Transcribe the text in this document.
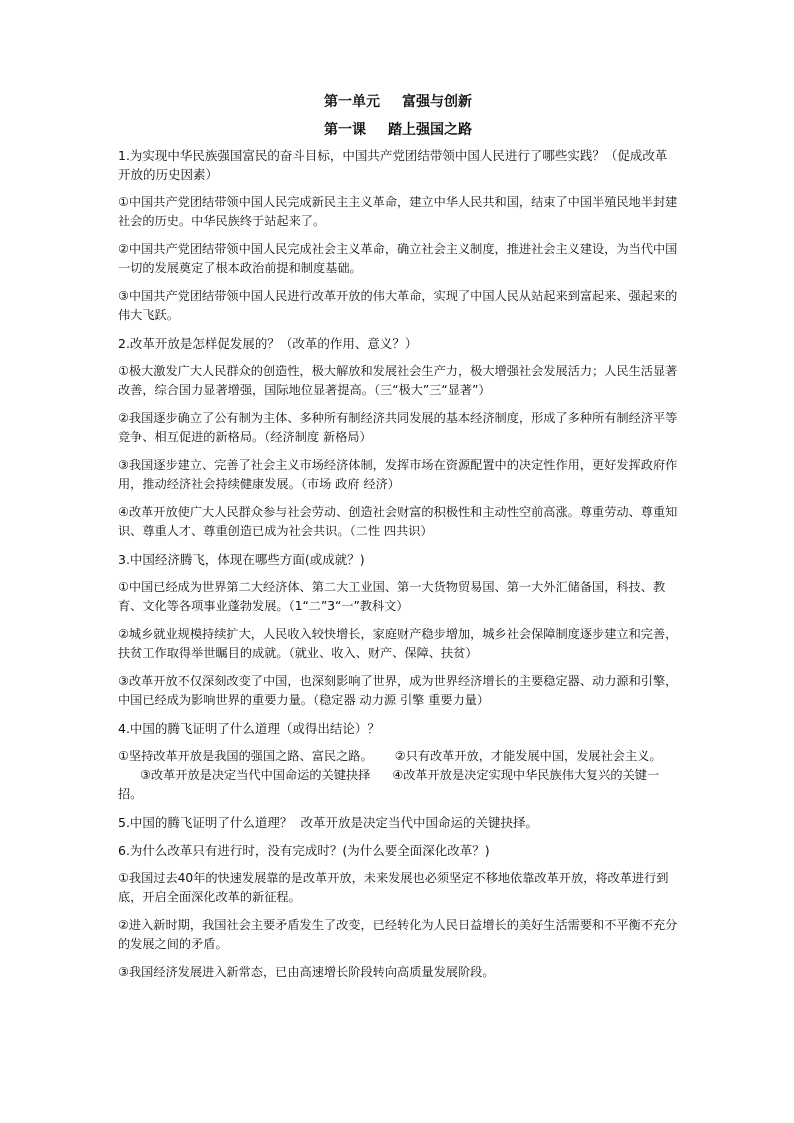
第一单元 富强与创新

第一课 踏上强国之路

1.为实现中华民族强国富民的奋斗目标，中国共产党团结带领中国人民进行了哪些实践？（促成改革开放的历史因素）

①中国共产党团结带领中国人民完成新民主主义革命，建立中华人民共和国，结束了中国半殖民地半封建社会的历史。中华民族终于站起来了。

②中国共产党团结带领中国人民完成社会主义革命，确立社会主义制度，推进社会主义建设，为当代中国一切的发展奠定了根本政治前提和制度基础。

③中国共产党团结带领中国人民进行改革开放的伟大革命，实现了中国人民从站起来到富起来、强起来的伟大飞跃。

2.改革开放是怎样促发展的？（改革的作用、意义？）

①极大激发广大人民群众的创造性，极大解放和发展社会生产力，极大增强社会发展活力；人民生活显著改善，综合国力显著增强，国际地位显著提高。（三“极大”三“显著”）

②我国逐步确立了公有制为主体、多种所有制经济共同发展的基本经济制度，形成了多种所有制经济平等竞争、相互促进的新格局。（经济制度 新格局）

③我国逐步建立、完善了社会主义市场经济体制，发挥市场在资源配置中的决定性作用，更好发挥政府作用，推动经济社会持续健康发展。（市场 政府 经济）

④改革开放使广大人民群众参与社会劳动、创造社会财富的积极性和主动性空前高涨。尊重劳动、尊重知识、尊重人才、尊重创造已成为社会共识。（二性 四共识）

3.中国经济腾飞，体现在哪些方面(或成就？)

①中国已经成为世界第二大经济体、第二大工业国、第一大货物贸易国、第一大外汇储备国，科技、教育、文化等各项事业蓬勃发展。（1“二”3“一”教科文）

②城乡就业规模持续扩大，人民收入较快增长，家庭财产稳步增加，城乡社会保障制度逐步建立和完善，扶贫工作取得举世瞩目的成就。（就业、收入、财产、保障、扶贫）

③改革开放不仅深刻改变了中国，也深刻影响了世界，成为世界经济增长的主要稳定器、动力源和引擎，中国已经成为影响世界的重要力量。（稳定器 动力源 引擎 重要力量）

4.中国的腾飞证明了什么道理（或得出结论）？

①坚持改革开放是我国的强国之路、富民之路。 ②只有改革开放，才能发展中国，发展社会主义。③改革开放是决定当代中国命运的关键抉择 ④改革开放是决定实现中华民族伟大复兴的关键一招。

5.中国的腾飞证明了什么道理？ 改革开放是决定当代中国命运的关键抉择。

6.为什么改革只有进行时，没有完成时？(为什么要全面深化改革？)

①我国过去40年的快速发展靠的是改革开放，未来发展也必须坚定不移地依靠改革开放，将改革进行到底，开启全面深化改革的新征程。

②进入新时期，我国社会主要矛盾发生了改变，已经转化为人民日益增长的美好生活需要和不平衡不充分的发展之间的矛盾。

③我国经济发展进入新常态，已由高速增长阶段转向高质量发展阶段。
